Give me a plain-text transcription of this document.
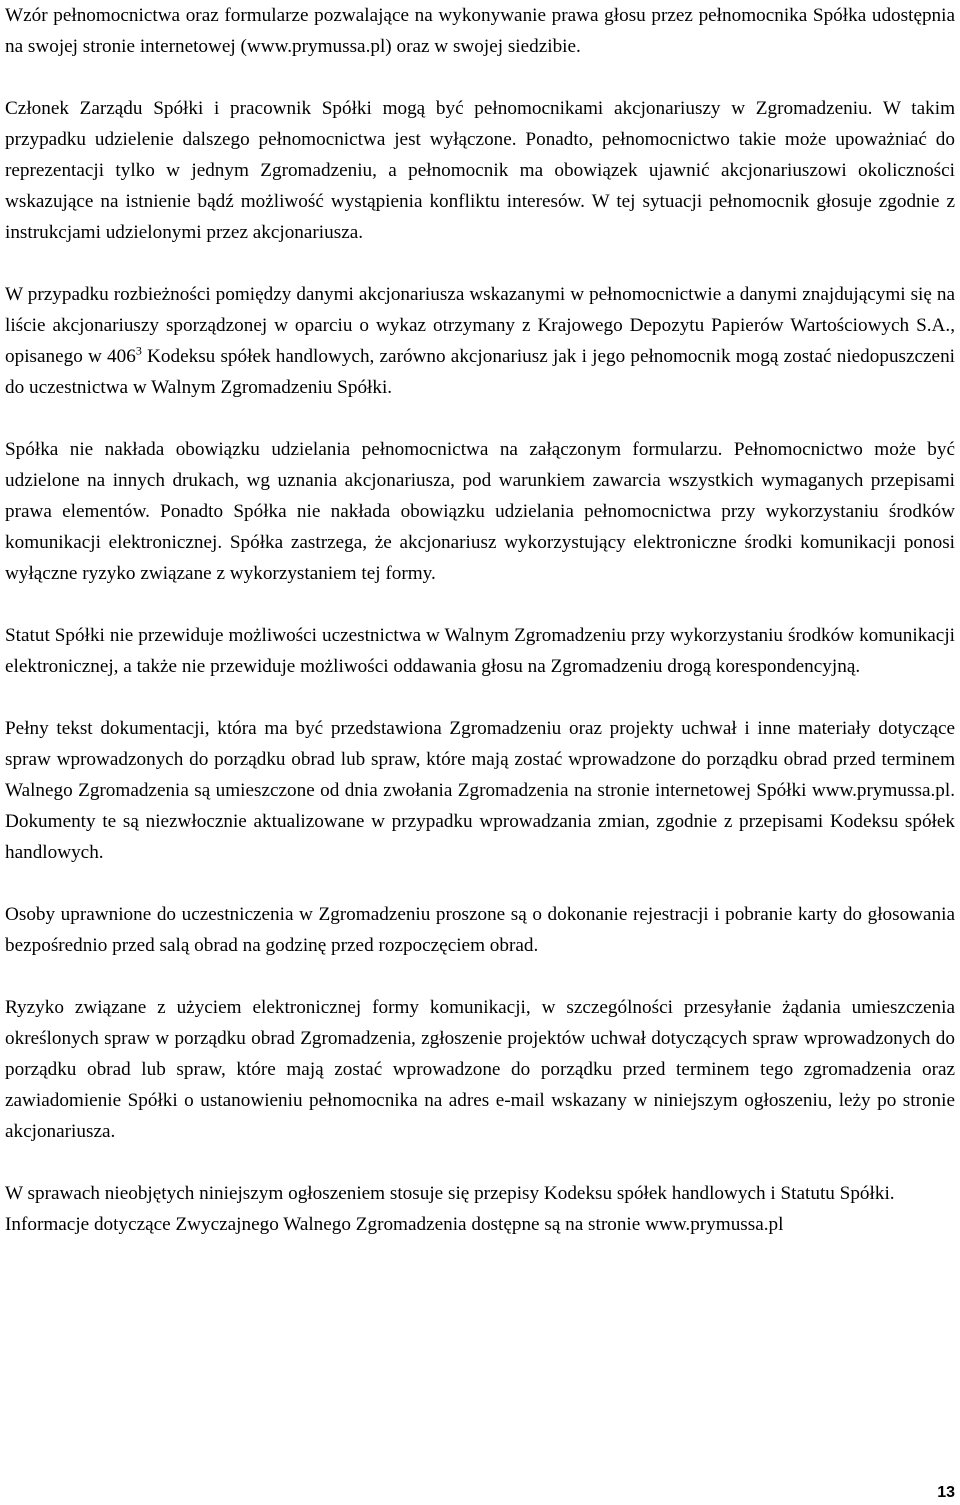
Wzór pełnomocnictwa oraz formularze pozwalające na wykonywanie prawa głosu przez pełnomocnika Spółka udostępnia na swojej stronie internetowej (www.prymussa.pl) oraz w swojej siedzibie.

Członek Zarządu Spółki i pracownik Spółki mogą być pełnomocnikami akcjonariuszy w Zgromadzeniu. W takim przypadku udzielenie dalszego pełnomocnictwa jest wyłączone. Ponadto, pełnomocnictwo takie może upoważniać do reprezentacji tylko w jednym Zgromadzeniu, a pełnomocnik ma obowiązek ujawnić akcjonariuszowi okoliczności wskazujące na istnienie bądź możliwość wystąpienia konfliktu interesów. W tej sytuacji pełnomocnik głosuje zgodnie z instrukcjami udzielonymi przez akcjonariusza.

W przypadku rozbieżności pomiędzy danymi akcjonariusza wskazanymi w pełnomocnictwie a danymi znajdującymi się na liście akcjonariuszy sporządzonej w oparciu o wykaz otrzymany z Krajowego Depozytu Papierów Wartościowych S.A., opisanego w $406^3$ Kodeksu spółek handlowych, zarówno akcjonariusz jak i jego pełnomocnik mogą zostać niedopuszczeni do uczestnictwa w Walnym Zgromadzeniu Spółki.

Spółka nie nakłada obowiązku udzielania pełnomocnictwa na załączonym formularzu. Pełnomocnictwo może być udzielone na innych drukach, wg uznania akcjonariusza, pod warunkiem zawarcia wszystkich wymaganych przepisami prawa elementów. Ponadto Spółka nie nakłada obowiązku udzielania pełnomocnictwa przy wykorzystaniu środków komunikacji elektronicznej. Spółka zastrzega, że akcjonariusz wykorzystujący elektroniczne środki komunikacji ponosi wyłączne ryzyko związane z wykorzystaniem tej formy.

Statut Spółki nie przewiduje możliwości uczestnictwa w Walnym Zgromadzeniu przy wykorzystaniu środków komunikacji elektronicznej, a także nie przewiduje możliwości oddawania głosu na Zgromadzeniu drogą korespondencyjną.

Pełny tekst dokumentacji, która ma być przedstawiona Zgromadzeniu oraz projekty uchwał i inne materiały dotyczące spraw wprowadzonych do porządku obrad lub spraw, które mają zostać wprowadzone do porządku obrad przed terminem Walnego Zgromadzenia są umieszczone od dnia zwołania Zgromadzenia na stronie internetowej Spółki www.prymussa.pl. Dokumenty te są niezwłocznie aktualizowane w przypadku wprowadzania zmian, zgodnie z przepisami Kodeksu spółek handlowych.

Osoby uprawnione do uczestniczenia w Zgromadzeniu proszone są o dokonanie rejestracji i pobranie karty do głosowania bezpośrednio przed salą obrad na godzinę przed rozpoczęciem obrad.

Ryzyko związane z użyciem elektronicznej formy komunikacji, w szczególności przesyłanie żądania umieszczenia określonych spraw w porządku obrad Zgromadzenia, zgłoszenie projektów uchwał dotyczących spraw wprowadzonych do porządku obrad lub spraw, które mają zostać wprowadzone do porządku przed terminem tego zgromadzenia oraz zawiadomienie Spółki o ustanowieniu pełnomocnika na adres e-mail wskazany w niniejszym ogłoszeniu, leży po stronie akcjonariusza.

W sprawach nieobjętych niniejszym ogłoszeniem stosuje się przepisy Kodeksu spółek handlowych i Statutu Spółki.

Informacje dotyczące Zwyczajnego Walnego Zgromadzenia dostępne są na stronie www.prymussa.pl

13
